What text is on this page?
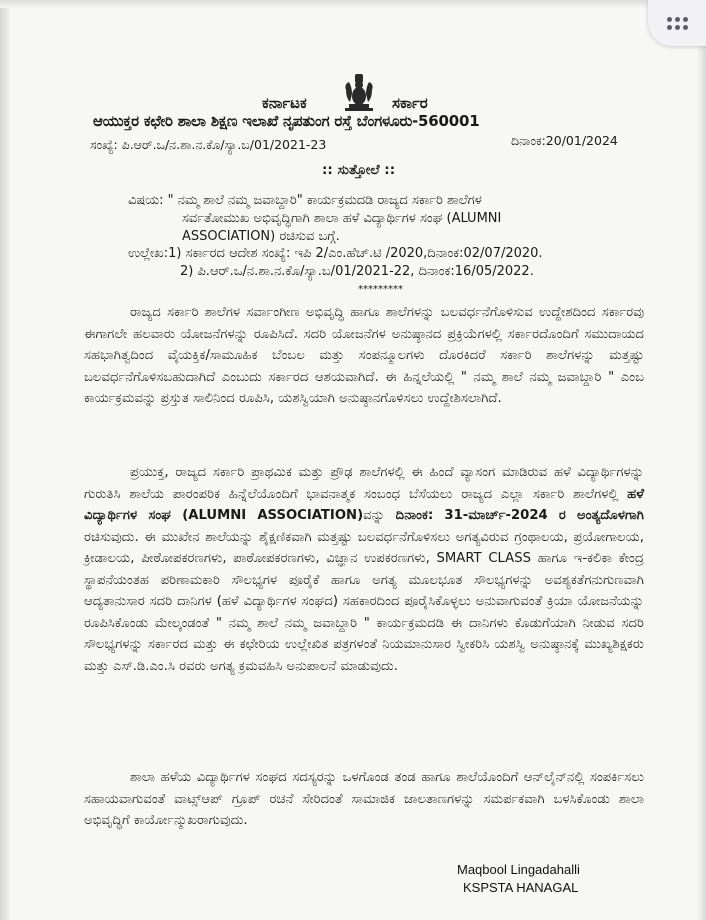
ಕರ್ನಾಟಕ	ಸರ್ಕಾರ
ಆಯುಕ್ತರ ಕಛೇರಿ ಶಾಲಾ ಶಿಕ್ಷಣ ಇಲಾಖೆ ನೃಪತುಂಗ ರಸ್ತೆ ಬೆಂಗಳೂರು-560001
ಸಂಖ್ಯೆ: ಪಿ.ಆರ್.ಒ/ನ.ಶಾ.ನ.ಕೊ/ಸ್ಯಾ.ಬ/01/2021-23	ದಿನಾಂಕ:20/01/2024
:: ಸುತ್ತೋಲೆ ::
ವಿಷಯ: " ನಮ್ಮ ಶಾಲೆ ನಮ್ಮ ಜವಾಬ್ದಾರಿ" ಕಾರ್ಯಕ್ರಮದಡಿ ರಾಜ್ಯದ ಸರ್ಕಾರಿ ಶಾಲೆಗಳ
ಸರ್ವತೋಮುಖ ಅಭಿವೃದ್ಧಿಗಾಗಿ ಶಾಲಾ ಹಳೆ ವಿದ್ಯಾರ್ಥಿಗಳ ಸಂಘ (ALUMNI
ASSOCIATION) ರಚಿಸುವ ಬಗ್ಗೆ.
ಉಲ್ಲೇಖ:1) ಸರ್ಕಾರದ ಆದೇಶ ಸಂಖ್ಯೆ: ಇಪಿ 2/ಎಂ.ಹೆಚ್.ಟಿ /2020,ದಿನಾಂಕ:02/07/2020.
2) ಪಿ.ಆರ್.ಒ/ನ.ಶಾ.ನ.ಕೊ/ಸ್ಯಾ.ಬ/01/2021-22, ದಿನಾಂಕ:16/05/2022.
*********

ರಾಜ್ಯದ ಸರ್ಕಾರಿ ಶಾಲೆಗಳ ಸರ್ವಾಂಗೀಣ ಅಭಿವೃದ್ಧಿ ಹಾಗೂ ಶಾಲೆಗಳನ್ನು ಬಲವರ್ಧನೆಗೊಳಿಸುವ ಉದ್ದೇಶದಿಂದ ಸರ್ಕಾರವು ಈಗಾಗಲೇ ಹಲವಾರು ಯೋಜನೆಗಳನ್ನು ರೂಪಿಸಿದೆ. ಸದರಿ ಯೋಜನೆಗಳ ಅನುಷ್ಠಾನದ ಪ್ರಕ್ರಿಯೆಗಳಲ್ಲಿ ಸರ್ಕಾರದೊಂದಿಗೆ ಸಮುದಾಯದ ಸಹಭಾಗಿತ್ವದಿಂದ ವೈಯಕ್ತಿಕ/ಸಾಮೂಹಿಕ ಬೆಂಬಲ ಮತ್ತು ಸಂಪನ್ಮೂಲಗಳು ದೊರಕಿದರೆ ಸರ್ಕಾರಿ ಶಾಲೆಗಳನ್ನು ಮತ್ತಷ್ಟು ಬಲವರ್ಧನೆಗೊಳಿಸಬಹುದಾಗಿದೆ ಎಂಬುದು ಸರ್ಕಾರದ ಆಶಯವಾಗಿದೆ. ಈ ಹಿನ್ನಲೆಯಲ್ಲಿ " ನಮ್ಮ ಶಾಲೆ ನಮ್ಮ ಜವಾಬ್ದಾರಿ " ಎಂಬ ಕಾರ್ಯಕ್ರಮವನ್ನು ಪ್ರಸ್ತುತ ಸಾಲಿನಿಂದ ರೂಪಿಸಿ, ಯಶಸ್ವಿಯಾಗಿ ಅನುಷ್ಠಾನಗೊಳಿಸಲು ಉದ್ದೇಶಿಸಲಾಗಿದೆ.

ಪ್ರಯುಕ್ತ, ರಾಜ್ಯದ ಸರ್ಕಾರಿ ಪ್ರಾಥಮಿಕ ಮತ್ತು ಪ್ರೌಢ ಶಾಲೆಗಳಲ್ಲಿ ಈ ಹಿಂದೆ ವ್ಯಾಸಂಗ ಮಾಡಿರುವ ಹಳೆ ವಿದ್ಯಾರ್ಥಿಗಳನ್ನು ಗುರುತಿಸಿ ಶಾಲೆಯ ಪಾರಂಪರಿಕ ಹಿನ್ನೆಲೆಯೊಂದಿಗೆ ಭಾವನಾತ್ಮಕ ಸಂಬಂಧ ಬೆಸೆಯಲು ರಾಜ್ಯದ ಎಲ್ಲಾ ಸರ್ಕಾರಿ ಶಾಲೆಗಳಲ್ಲಿ ಹಳೆ ವಿದ್ಯಾರ್ಥಿಗಳ ಸಂಘ (ALUMNI ASSOCIATION)ವನ್ನು ದಿನಾಂಕ: 31-ಮಾರ್ಚ್-2024 ರ ಅಂತ್ಯದೊಳಗಾಗಿ ರಚಿಸುವುದು. ಈ ಮುಖೇನ ಶಾಲೆಯನ್ನು ಶೈಕ್ಷಣಿಕವಾಗಿ ಮತ್ತಷ್ಟು ಬಲವರ್ಧನೆಗೊಳಿಸಲು ಅಗತ್ಯವಿರುವ ಗ್ರಂಥಾಲಯ, ಪ್ರಯೋಗಾಲಯ, ಕ್ರೀಡಾಲಯ, ಪೀಠೋಪಕರಣಗಳು, ಪಾಠೋಪಕರಣಗಳು, ವಿಜ್ಞಾನ ಉಪಕರಣಗಳು, SMART CLASS ಹಾಗೂ ಇ-ಕಲಿಕಾ ಕೇಂದ್ರ ಸ್ಥಾಪನೆಯಂತಹ ಪರಿಣಾಮಕಾರಿ ಸೌಲಭ್ಯಗಳ ಪೂರೈಕೆ ಹಾಗೂ ಅಗತ್ಯ ಮೂಲಭೂತ ಸೌಲಭ್ಯಗಳನ್ನು ಅವಶ್ಯಕತೆಗನುಗುಣವಾಗಿ ಆದ್ಯತಾನುಸಾರ ಸದರಿ ದಾನಿಗಳ (ಹಳೆ ವಿದ್ಯಾರ್ಥಿಗಳ ಸಂಘದ) ಸಹಕಾರದಿಂದ ಪೂರೈಸಿಕೊಳ್ಳಲು ಅನುವಾಗುವಂತೆ ಕ್ರಿಯಾ ಯೋಜನೆಯನ್ನು ರೂಪಿಸಿಕೊಂಡು ಮೇಲ್ಕಂಡಂತೆ " ನಮ್ಮ ಶಾಲೆ ನಮ್ಮ ಜವಾಬ್ದಾರಿ " ಕಾರ್ಯಕ್ರಮದಡಿ ಈ ದಾನಿಗಳು ಕೊಡುಗೆಯಾಗಿ ನೀಡುವ ಸದರಿ ಸೌಲಭ್ಯಗಳನ್ನು ಸರ್ಕಾರದ ಮತ್ತು ಈ ಕಛೇರಿಯ ಉಲ್ಲೇಖಿತ ಪತ್ರಗಳಂತೆ ನಿಯಮಾನುಸಾರ ಸ್ವೀಕರಿಸಿ ಯಶಸ್ವಿ ಅನುಷ್ಠಾನಕ್ಕೆ ಮುಖ್ಯಶಿಕ್ಷಕರು ಮತ್ತು ಎಸ್.ಡಿ.ಎಂ.ಸಿ ರವರು ಅಗತ್ಯ ಕ್ರಮವಹಿಸಿ ಅನುಪಾಲನೆ ಮಾಡುವುದು.

ಶಾಲಾ ಹಳೆಯ ವಿದ್ಯಾರ್ಥಿಗಳ ಸಂಘದ ಸದಸ್ಯರನ್ನು ಒಳಗೊಂಡ ತಂಡ ಹಾಗೂ ಶಾಲೆಯೊಂದಿಗೆ ಆನ್‌ಲೈನ್‌ನಲ್ಲಿ ಸಂಪರ್ಕಿಸಲು ಸಹಾಯವಾಗುವಂತೆ ವಾಟ್ಸ್‌ಆಪ್ ಗ್ರೂಪ್ ರಚನೆ ಸೇರಿದಂತೆ ಸಾಮಾಜಿಕ ಜಾಲತಾಣಗಳನ್ನು ಸಮರ್ಪಕವಾಗಿ ಬಳಸಿಕೊಂಡು ಶಾಲಾ ಅಭಿವೃದ್ಧಿಗೆ ಕಾರ್ಯೋನ್ಮುಖರಾಗುವುದು.

Maqbool Lingadahalli
KSPSTA HANAGAL
